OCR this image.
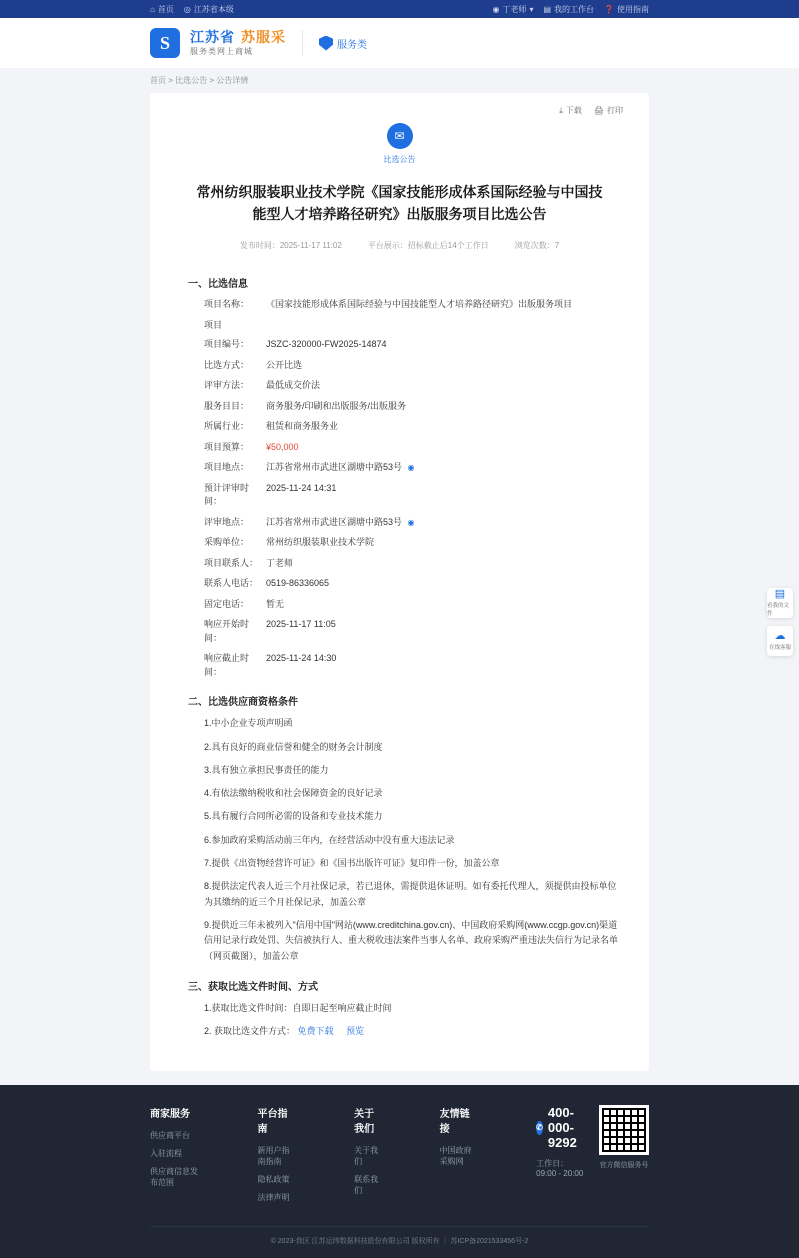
⌂ 首页 ◎ 江苏省本级	◉ 丁老师 ▾ ▤ 我的工作台 ❓ 使用指南
S	江苏省 苏服采
服务类网上商城
服务类
首页 > 比选公告 > 公告详情
⤓ 下载 🖨 打印
✉
比选公告
常州纺织服装职业技术学院《国家技能形成体系国际经验与中国技能型人才培养路径研究》出版服务项目比选公告
发布时间：2025-11-17 11:02	平台展示：招标截止后14个工作日	浏览次数：7
一、比选信息
项目名称：	《国家技能形成体系国际经验与中国技能型人才培养路径研究》出版服务项目
项目
项目编号：	JSZC-320000-FW2025-14874
比选方式：	公开比选
评审方法：	最低成交价法
服务目目：	商务服务/印刷和出版服务/出版服务
所属行业：	租赁和商务服务业
项目预算：	¥50,000
项目地点：	江苏省常州市武进区湖塘中路53号 ◉
预计评审时间：
2025-11-24 14:31
评审地点：	江苏省常州市武进区湖塘中路53号 ◉
采购单位：	常州纺织服装职业技术学院
项目联系人： 丁老师
联系人电话： 0519-86336065
固定电话：	暂无
响应开始时间：
2025-11-17 11:05
响应截止时间：
2025-11-24 14:30
二、比选供应商资格条件
1.中小企业专项声明函
2.具有良好的商业信誉和健全的财务会计制度
3.具有独立承担民事责任的能力
4.有依法缴纳税收和社会保障资金的良好记录
5.具有履行合同所必需的设备和专业技术能力
6.参加政府采购活动前三年内，在经营活动中没有重大违法记录
7.提供《出资物经营许可证》和《国书出版许可证》复印件一份，加盖公章
8.提供法定代表人近三个月社保记录，若已退休，需提供退休证明。如有委托代理人，须提供由投标单位为其缴纳的近三个月社保记录，加盖公章
9.提供近三年未被列入"信用中国"网站(www.creditchina.gov.cn)、中国政府采购网(www.ccgp.gov.cn)渠道信用记录行政处罚、失信被执行人、重大税收违法案件当事人名单、政府采购严重违法失信行为记录名单（网页截图），加盖公章
三、获取比选文件时间、方式
1.获取比选文件时间：自即日起至响应截止时间
2. 获取比选文件方式： 免费下载 预览
▤
看我的文件
☁
在线客服
商家服务
供应商平台
入驻流程
供应商信息发布范围
平台指南
新用户指南指南
隐私政策
法律声明
关于我们
关于我们
联系我们
友情链接
中国政府采购网
✆
400-000-9292
工作日：09:00 - 20:00
官方微信服务号
© 2023-我区 江苏运纬数据科技股份有限公司 版权所有 ｜ 苏ICP备2021533456号-2
